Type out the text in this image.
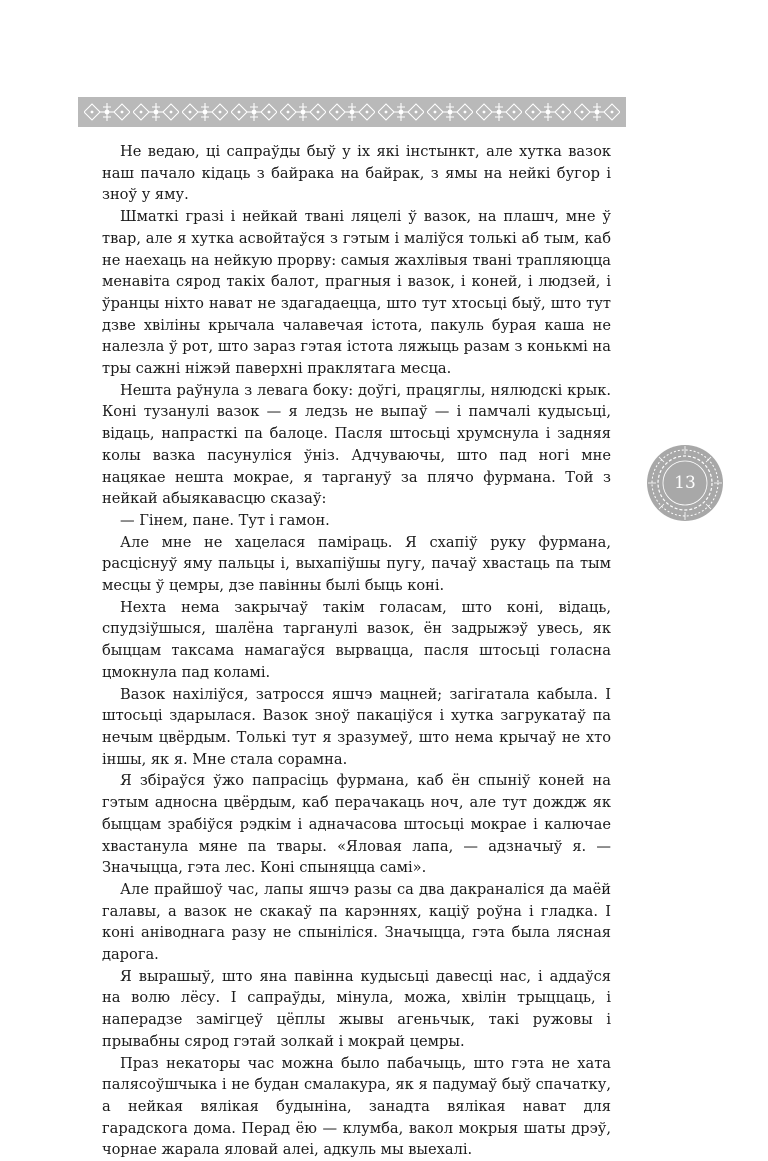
Не ведаю, ці сапраўды быў у іх які інстынкт, але хутка вазок наш пачало кідаць з байрака на байрак, з ямы на нейкі бугор і зноў у яму.

Шматкі гразі і нейкай твані ляцелі ў вазок, на плашч, мне ў твар, але я хутка асвойтаўся з гэтым і маліўся толькі аб тым, каб не наехаць на нейкую прорву: самыя жахлівыя твані трапляюцца менавіта сярод такіх балот, прагныя і вазок, і коней, і людзей, і ўранцы ніхто нават не здагадаецца, што тут хтосьці быў, што тут дзве хвіліны крычала чалавечая істота, пакуль бурая каша не налезла ў рот, што зараз гэтая істота ляжыць разам з конькмі на тры сажні ніжэй паверхні праклятага месца.

Нешта раўнула з левага боку: доўгі, працяглы, нялюдскі крык. Коні тузанулі вазок — я ледзь не выпаў — і памчалі кудысьці, відаць, напрасткі па балоце. Пасля штосьці хрумснула і задняя колы вазка пасунуліся ўніз. Адчуваючы, што пад ногі мне нацякае нешта мокрае, я таргануў за плячо фурмана. Той з нейкай абыякавасцю сказаў:

— Гінем, пане. Тут і гамон.

Але мне не хацелася паміраць. Я схапіў руку фурмана, расціснуў яму пальцы і, выхапіўшы пугу, пачаў хвастаць па тым месцы ў цемры, дзе павінны былі быць коні.

Нехта нема закрычаў такім голасам, што коні, відаць, спудзіўшыся, шалёна тарганулі вазок, ён задрыжэў увесь, як быццам таксама намагаўся вырвацца, пасля штосьці голасна цмокнула пад коламі.

Вазок нахіліўся, затросся яшчэ мацней; загігатала кабыла. І штосьці здарылася. Вазок зноў пакаціўся і хутка загрукатаў па нечым цвёрдым. Толькі тут я зразумеў, што нема крычаў не хто іншы, як я. Мне стала сорамна.

Я збіраўся ўжо папрасіць фурмана, каб ён спыніў коней на гэтым адносна цвёрдым, каб перачакаць ноч, але тут дождж як быццам зрабіўся рэдкім і адначасова штосьці мокрае і калючае хвастанула мяне па твары. «Яловая лапа, — адзначыў я. — Значыцца, гэта лес. Коні спыняцца самі».

Але прайшоў час, лапы яшчэ разы са два дакраналіся да маёй галавы, а вазок не скакаў па карэннях, каціў роўна і гладка. І коні аніводнага разу не спыніліся. Значыцца, гэта была лясная дарога.

Я вырашыў, што яна павінна кудысьці давесці нас, і аддаўся на волю лёсу. І сапраўды, мінула, можа, хвілін трыццаць, і наперадзе замігцеў цёплы жывы агеньчык, такі ружовы і прывабны сярод гэтай золкай і мокрай цемры.

Праз некаторы час можна было пабачыць, што гэта не хата палясоўшчыка і не будан смалакура, як я падумаў быў спачатку, а нейкая вялікая будыніна, занадта вялікая нават для гарадскога дома. Перад ёю — клумба, вакол мокрыя шаты дрэў, чорнае жарала яловай алеі, адкуль мы выехалі.

13
